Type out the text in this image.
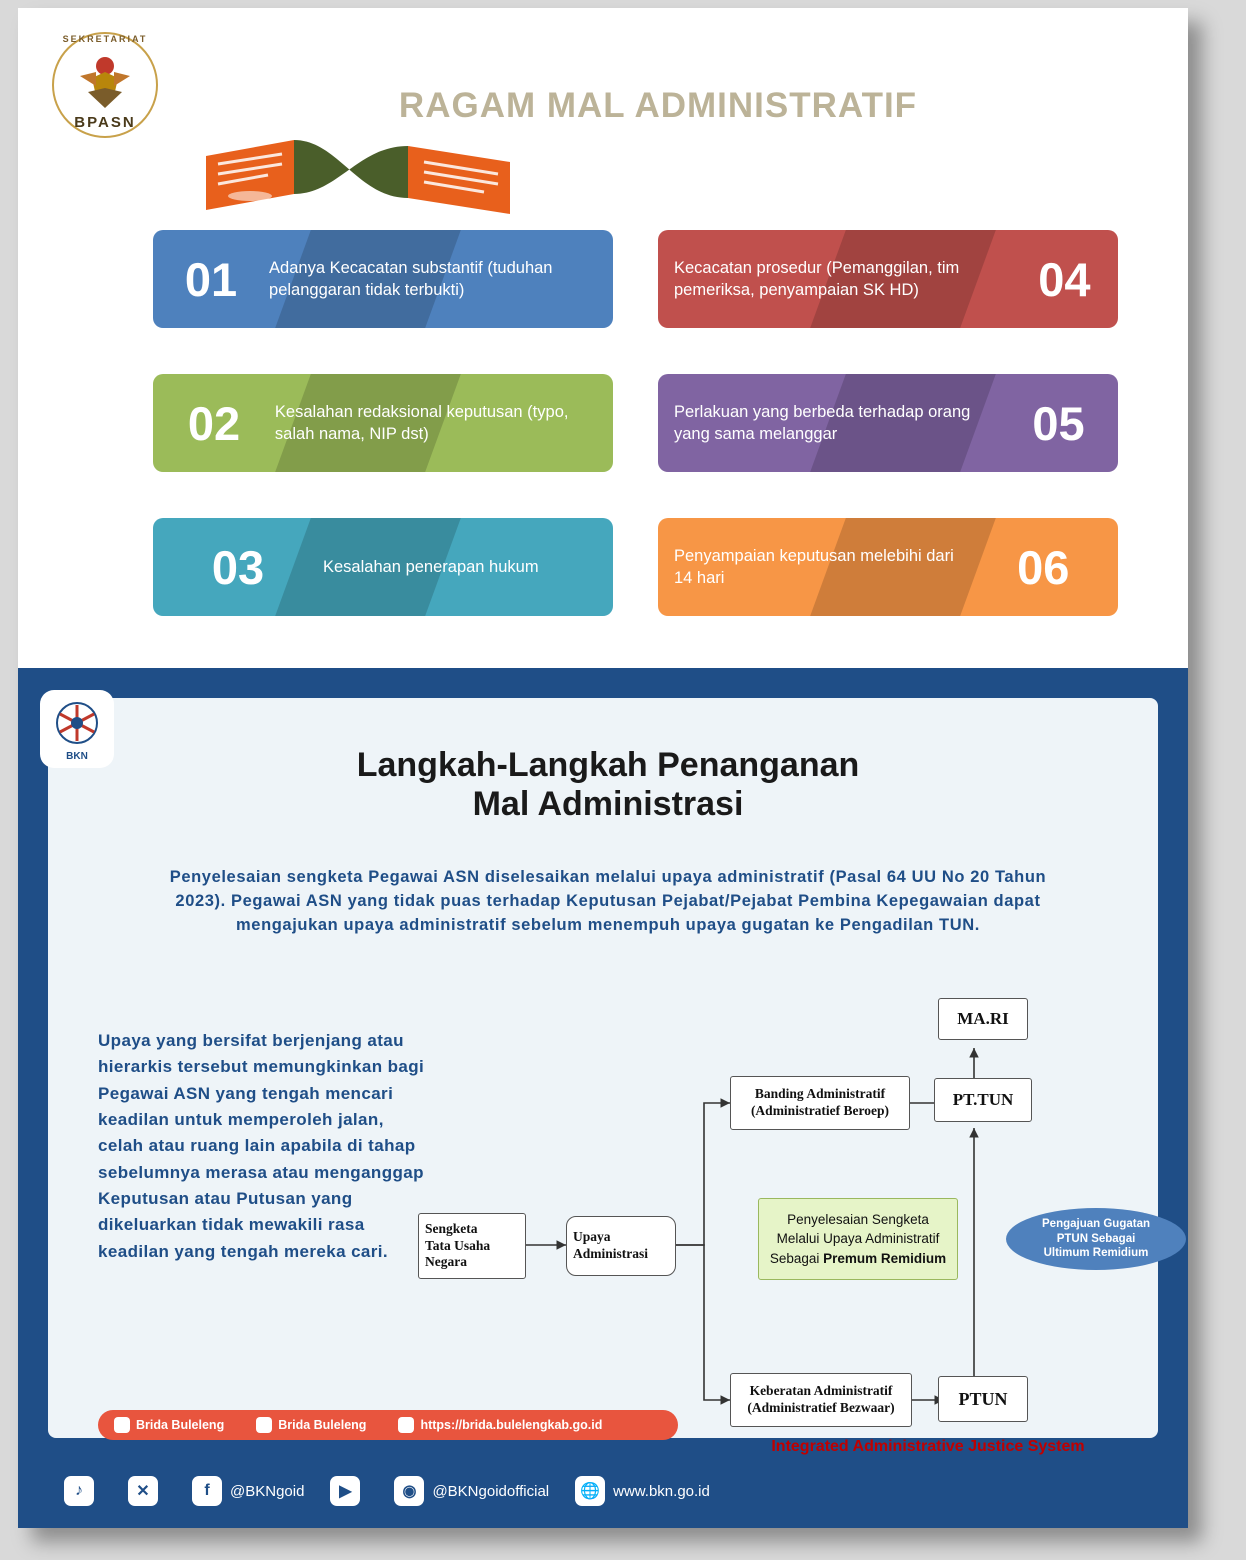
SEKRETARIAT
BPASN	RAGAM MAL ADMINISTRATIF
01	Adanya Kecacatan substantif (tuduhan pelanggaran tidak terbukti)
02	Kesalahan redaksional keputusan (typo, salah nama, NIP dst)
03	Kesalahan penerapan hukum
04
Kecacatan prosedur (Pemanggilan, tim pemeriksa, penyampaian SK HD)
05
Perlakuan yang berbeda terhadap orang yang sama melanggar
06
Penyampaian keputusan melebihi dari 14 hari
BKN	Langkah-Langkah Penanganan
Mal Administrasi
Penyelesaian sengketa Pegawai ASN diselesaikan melalui upaya administratif (Pasal 64 UU No 20 Tahun 2023). Pegawai ASN yang tidak puas terhadap Keputusan Pejabat/Pejabat Pembina Kepegawaian dapat mengajukan upaya administratif sebelum menempuh upaya gugatan ke Pengadilan TUN.
Upaya yang bersifat berjenjang atau hierarkis tersebut memungkinkan bagi Pegawai ASN yang tengah mencari keadilan untuk memperoleh jalan, celah atau ruang lain apabila di tahap sebelumnya merasa atau menganggap Keputusan atau Putusan yang dikeluarkan tidak mewakili rasa keadilan yang tengah mereka cari.
Sengketa
Tata Usaha
Negara
Upaya
Administrasi
Banding Administratif
(Administratief Beroep)
Keberatan Administratif
(Administratief Bezwaar)
MA.RI
PT.TUN
PTUN
Penyelesaian Sengketa
Melalui Upaya Administratif
Sebagai Premum Remidium
Pengajuan Gugatan
PTUN Sebagai
Ultimum Remidium
Integrated Administrative Justice System
Brida Buleleng	Brida Buleleng	https://brida.bulelengkab.go.id
♪	✕	f	@BKNgoid	▶	◉	@BKNgoidofficial	🌐 www.bkn.go.id
